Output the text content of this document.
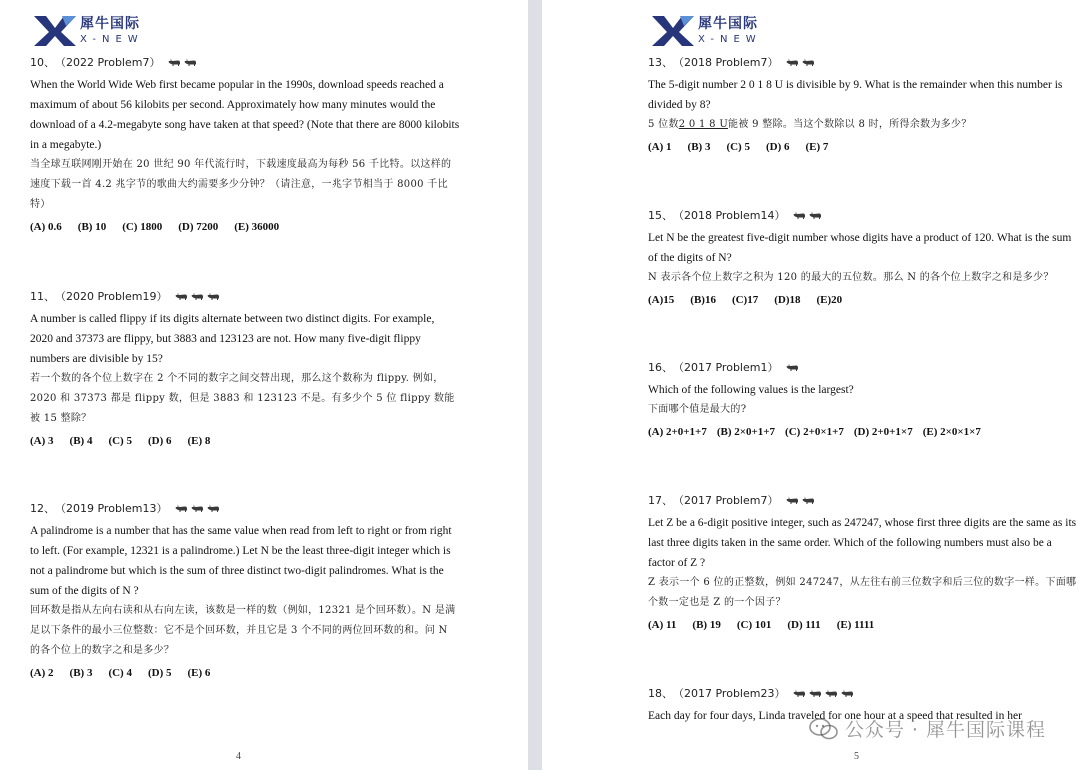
犀牛国际
X-NEW
10、 （2022 Problem7）
When the World Wide Web first became popular in the 1990s, download speeds reached a maximum of about 56 kilobits per second. Approximately how many minutes would the download of a 4.2-megabyte song have taken at that speed? (Note that there are 8000 kilobits in a megabyte.)
当全球互联网刚开始在 20 世纪 90 年代流行时，下载速度最高为每秒 56 千比特。以这样的速度下载一首 4.2 兆字节的歌曲大约需要多少分钟？（请注意，一兆字节相当于 8000 千比特）
(A) 0.6 (B) 10 (C) 1800 (D) 7200 (E) 36000
11、 （2020 Problem19）
A number is called flippy if its digits alternate between two distinct digits. For example, 2020 and 37373 are flippy, but 3883 and 123123 are not. How many five-digit flippy numbers are divisible by 15?
若一个数的各个位上数字在 2 个不同的数字之间交替出现，那么这个数称为 flippy. 例如，2020 和 37373 都是 flippy 数，但是 3883 和 123123 不是。有多少个 5 位 flippy 数能被 15 整除？
(A) 3 (B) 4 (C) 5 (D) 6 (E) 8
12、 （2019 Problem13）
A palindrome is a number that has the same value when read from left to right or from right to left. (For example, 12321 is a palindrome.) Let N be the least three-digit integer which is not a palindrome but which is the sum of three distinct two-digit palindromes. What is the sum of the digits of N ?
回环数是指从左向右读和从右向左读，该数是一样的数（例如，12321 是个回环数）。N 是满足以下条件的最小三位整数：它不是个回环数，并且它是 3 个不同的两位回环数的和。问 N 的各个位上的数字之和是多少？
(A) 2 (B) 3 (C) 4 (D) 5 (E) 6
4
犀牛国际
X-NEW
13、 （2018 Problem7）
The 5-digit number 2 0 1 8 U is divisible by 9. What is the remainder when this number is divided by 8?
5 位数2 0 1 8 U能被 9 整除。当这个数除以 8 时，所得余数为多少？
(A) 1 (B) 3 (C) 5 (D) 6 (E) 7
15、 （2018 Problem14）
Let N be the greatest five-digit number whose digits have a product of 120. What is the sum of the digits of N?
N 表示各个位上数字之积为 120 的最大的五位数。那么 N 的各个位上数字之和是多少？
(A)15 (B)16 (C)17 (D)18 (E)20
16、 （2017 Problem1）
Which of the following values is the largest?
下面哪个值是最大的?
(A) 2+0+1+7 (B) 2×0+1+7 (C) 2+0×1+7 (D) 2+0+1×7 (E) 2×0×1×7
17、 （2017 Problem7）
Let Z be a 6-digit positive integer, such as 247247, whose first three digits are the same as its last three digits taken in the same order. Which of the following numbers must also be a factor of Z ?
Z 表示一个 6 位的正整数，例如 247247，从左往右前三位数字和后三位的数字一样。下面哪个数一定也是 Z 的一个因子？
(A) 11 (B) 19 (C) 101 (D) 111 (E) 1111
18、 （2017 Problem23）
Each day for four days, Linda traveled for one hour at a speed that resulted in her
5
公众号 · 犀牛国际课程
